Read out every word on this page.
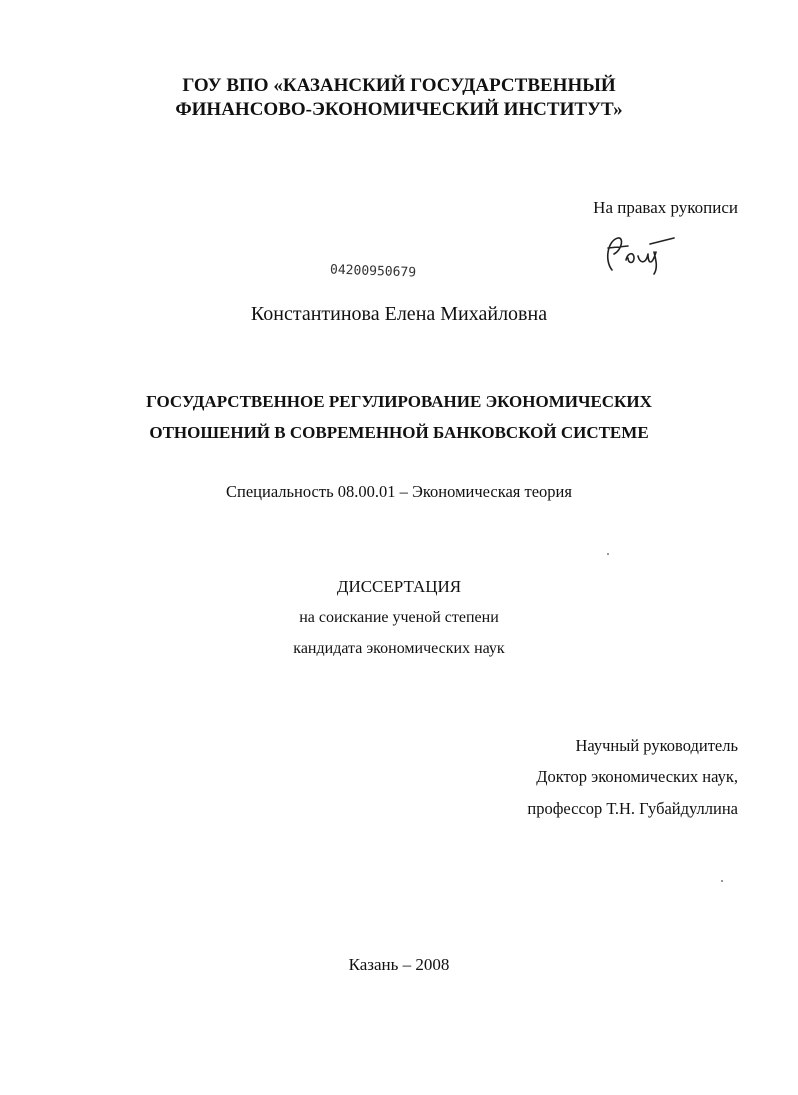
ГОУ ВПО «КАЗАНСКИЙ ГОСУДАРСТВЕННЫЙ
ФИНАНСОВО-ЭКОНОМИЧЕСКИЙ ИНСТИТУТ»
На правах рукописи
04200950679
Константинова Елена Михайловна
ГОСУДАРСТВЕННОЕ РЕГУЛИРОВАНИЕ ЭКОНОМИЧЕСКИХ
ОТНОШЕНИЙ В СОВРЕМЕННОЙ БАНКОВСКОЙ СИСТЕМЕ
Специальность 08.00.01 – Экономическая теория
ДИССЕРТАЦИЯ
на соискание ученой степени
кандидата экономических наук
Научный руководитель
Доктор экономических наук,
профессор Т.Н. Губайдуллина
Казань – 2008
